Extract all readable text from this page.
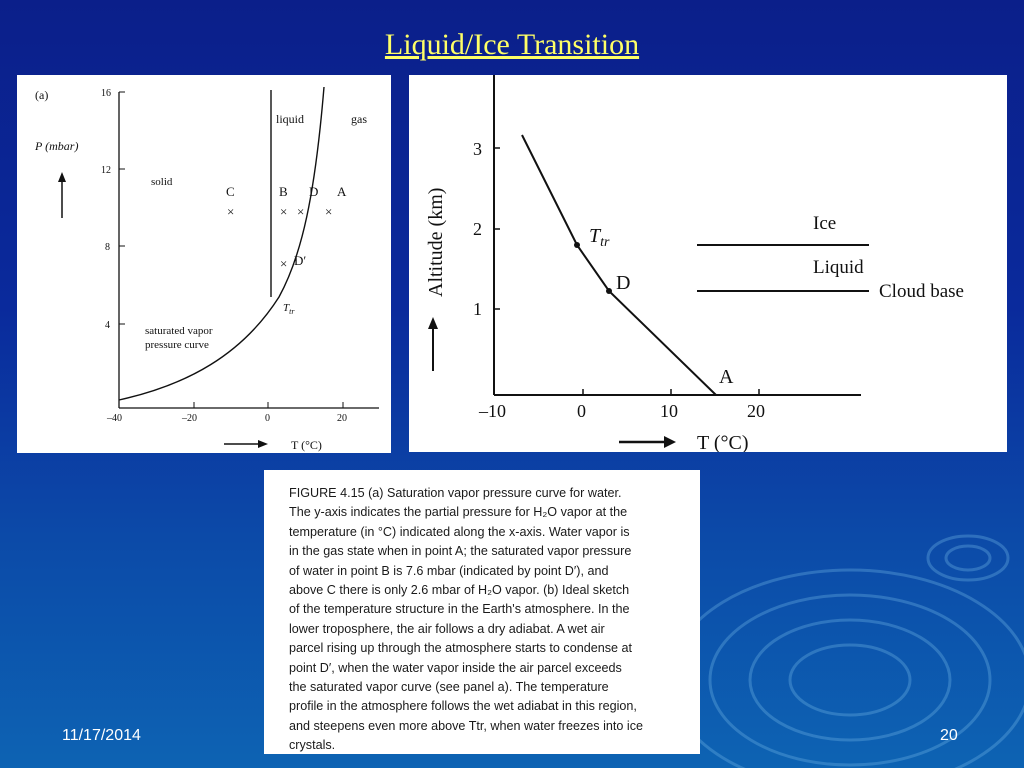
Liquid/Ice Transition
16
12
8
4
–40	–20	0	20
(a)
P (mbar)
T (°C)
liquid	gas
solid
C	B D A
×	× × ×
× D′
$T_{tr}$
saturated vapor
pressure curve
3
2
1
–10	0	10	20
Altitude (km)
T (°C)
$T_{tr}$
D
A
Ice
Liquid
Cloud base
FIGURE 4.15 (a) Saturation vapor pressure curve for water.
The y-axis indicates the partial pressure for H₂O vapor at the
temperature (in °C) indicated along the x-axis. Water vapor is
in the gas state when in point A; the saturated vapor pressure
of water in point B is 7.6 mbar (indicated by point D′), and
above C there is only 2.6 mbar of H₂O vapor. (b) Ideal sketch
of the temperature structure in the Earth's atmosphere. In the
lower troposphere, the air follows a dry adiabat. A wet air
parcel rising up through the atmosphere starts to condense at
point D′, when the water vapor inside the air parcel exceeds
the saturated vapor curve (see panel a). The temperature
profile in the atmosphere follows the wet adiabat in this region,
and steepens even more above Ttr, when water freezes into ice
crystals.
11/17/2014	20
